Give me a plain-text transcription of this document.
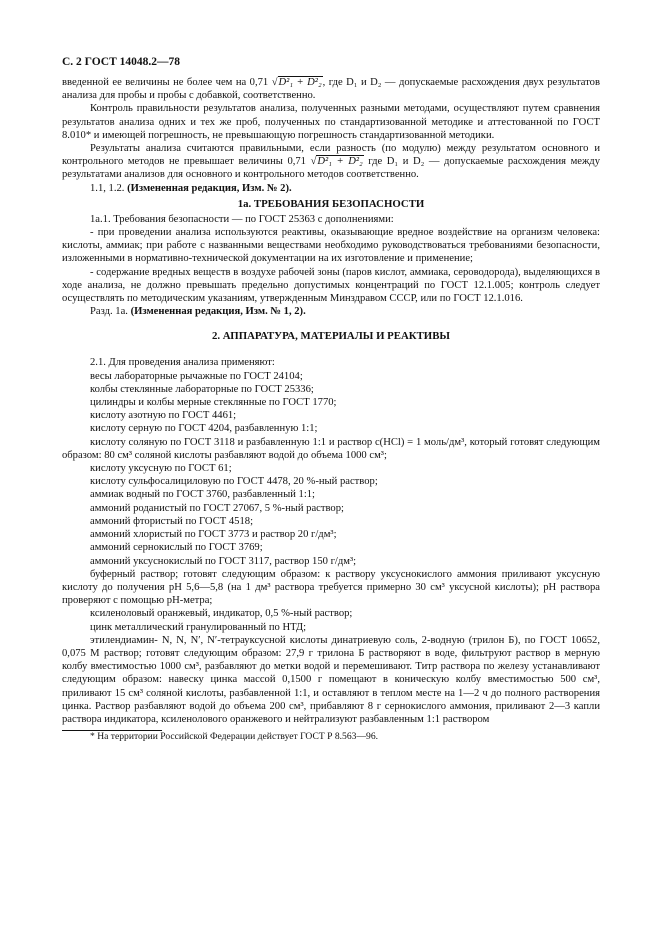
С. 2 ГОСТ 14048.2—78

введенной ее величины не более чем на 0,71 √D²₁ + D²₂, где D₁ и D₂ — допускаемые расхождения двух результатов анализа для пробы и пробы с добавкой, соответственно.

Контроль правильности результатов анализа, полученных разными методами, осуществляют путем сравнения результатов анализа одних и тех же проб, полученных по стандартизованной методике и аттестованной по ГОСТ 8.010* и имеющей погрешность, не превышающую погрешность стандартизованной методики.

Результаты анализа считаются правильными, если разность (по модулю) между результатом основного и контрольного методов не превышает величины 0,71 √D²₁ + D²₂ где D₁ и D₂ — допускаемые расхождения между результатами анализов для основного и контрольного методов соответственно.

1.1, 1.2. (Измененная редакция, Изм. № 2).

1а. ТРЕБОВАНИЯ БЕЗОПАСНОСТИ

1а.1. Требования безопасности — по ГОСТ 25363 с дополнениями:

- при проведении анализа используются реактивы, оказывающие вредное воздействие на организм человека: кислоты, аммиак; при работе с названными веществами необходимо руководствоваться требованиями безопасности, изложенными в нормативно-технической документации на их изготовление и применение;

- содержание вредных веществ в воздухе рабочей зоны (паров кислот, аммиака, сероводорода), выделяющихся в ходе анализа, не должно превышать предельно допустимых концентраций по ГОСТ 12.1.005; контроль следует осуществлять по методическим указаниям, утвержденным Минздравом СССР, или по ГОСТ 12.1.016.

Разд. 1а. (Измененная редакция, Изм. № 1, 2).

2. АППАРАТУРА, МАТЕРИАЛЫ И РЕАКТИВЫ

2.1. Для проведения анализа применяют:

весы лабораторные рычажные по ГОСТ 24104;

колбы стеклянные лабораторные по ГОСТ 25336;

цилиндры и колбы мерные стеклянные по ГОСТ 1770;

кислоту азотную по ГОСТ 4461;

кислоту серную по ГОСТ 4204, разбавленную 1:1;

кислоту соляную по ГОСТ 3118 и разбавленную 1:1 и раствор c(HCl) = 1 моль/дм³, который готовят следующим образом: 80 см³ соляной кислоты разбавляют водой до объема 1000 см³;

кислоту уксусную по ГОСТ 61;

кислоту сульфосалициловую по ГОСТ 4478, 20 %-ный раствор;

аммиак водный по ГОСТ 3760, разбавленный 1:1;

аммоний роданистый по ГОСТ 27067, 5 %-ный раствор;

аммоний фтористый по ГОСТ 4518;

аммоний хлористый по ГОСТ 3773 и раствор 20 г/дм³;

аммоний сернокислый по ГОСТ 3769;

аммоний уксуснокислый по ГОСТ 3117, раствор 150 г/дм³;

буферный раствор; готовят следующим образом: к раствору уксуснокислого аммония приливают уксусную кислоту до получения pH 5,6—5,8 (на 1 дм³ раствора требуется примерно 30 см³ уксусной кислоты); pH раствора проверяют с помощью pH-метра;

ксиленоловый оранжевый, индикатор, 0,5 %-ный раствор;

цинк металлический гранулированный по НТД;

этилендиамин- N, N, N′, N′-тетрауксусной кислоты динатриевую соль, 2-водную (трилон Б), по ГОСТ 10652, 0,075 М раствор; готовят следующим образом: 27,9 г трилона Б растворяют в воде, фильтруют раствор в мерную колбу вместимостью 1000 см³, разбавляют до метки водой и перемешивают. Титр раствора по железу устанавливают следующим образом: навеску цинка массой 0,1500 г помещают в коническую колбу вместимостью 500 см³, приливают 15 см³ соляной кислоты, разбавленной 1:1, и оставляют в теплом месте на 1—2 ч до полного растворения цинка. Раствор разбавляют водой до объема 200 см³, прибавляют 8 г сернокислого аммония, приливают 2—3 капли раствора индикатора, ксиленолового оранжевого и нейтрализуют разбавленным 1:1 раствором

* На территории Российской Федерации действует ГОСТ Р 8.563—96.
